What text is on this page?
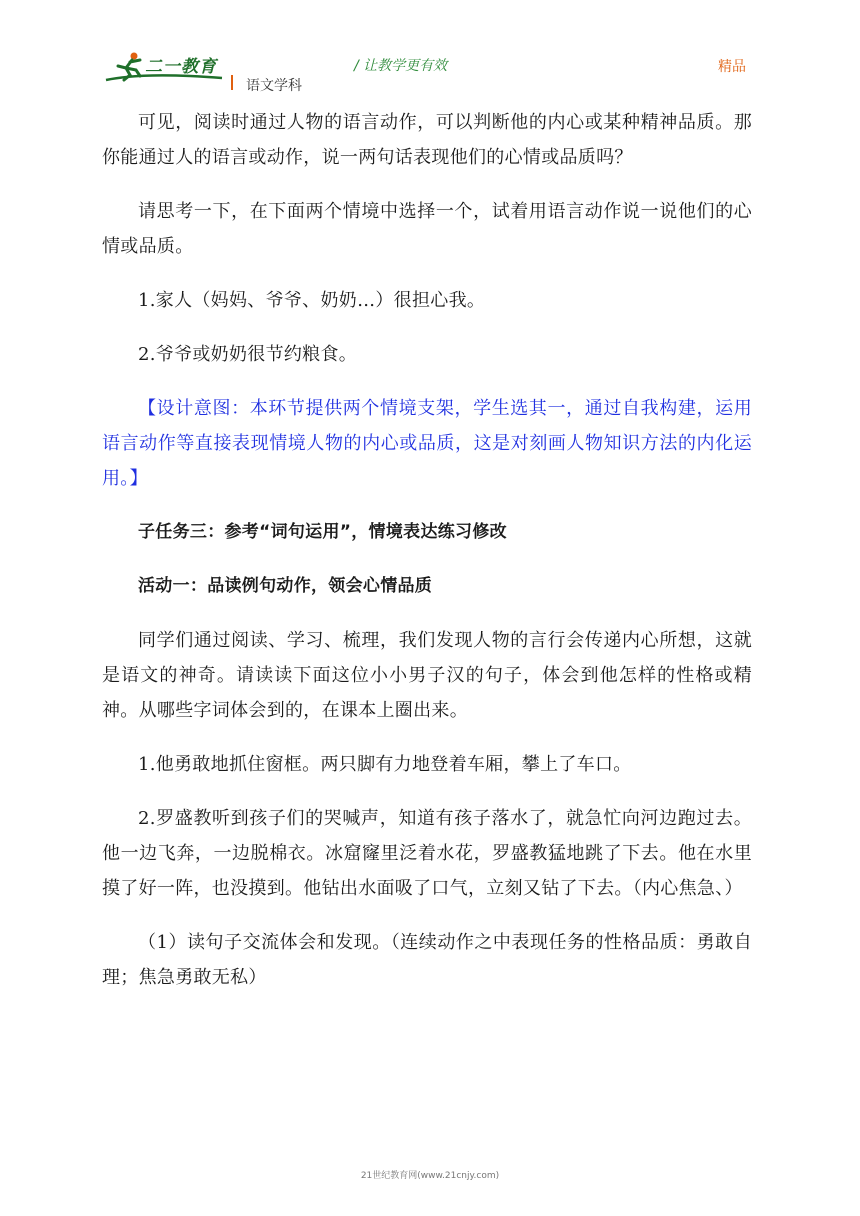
二一教育
语文学科
/ 让教学更有效	精品

可见，阅读时通过人物的语言动作，可以判断他的内心或某种精神品质。那你能通过人的语言或动作，说一两句话表现他们的心情或品质吗？

请思考一下，在下面两个情境中选择一个，试着用语言动作说一说他们的心情或品质。

1.家人（妈妈、爷爷、奶奶…）很担心我。

2.爷爷或奶奶很节约粮食。

【设计意图：本环节提供两个情境支架，学生选其一，通过自我构建，运用语言动作等直接表现情境人物的内心或品质，这是对刻画人物知识方法的内化运用。】

子任务三：参考“词句运用”，情境表达练习修改

活动一：品读例句动作，领会心情品质

同学们通过阅读、学习、梳理，我们发现人物的言行会传递内心所想，这就是语文的神奇。请读读下面这位小小男子汉的句子，体会到他怎样的性格或精神。从哪些字词体会到的，在课本上圈出来。

1.他勇敢地抓住窗框。两只脚有力地登着车厢，攀上了车口。

2.罗盛教听到孩子们的哭喊声，知道有孩子落水了，就急忙向河边跑过去。他一边飞奔，一边脱棉衣。冰窟窿里泛着水花，罗盛教猛地跳了下去。他在水里摸了好一阵，也没摸到。他钻出水面吸了口气，立刻又钻了下去。（内心焦急、）

（1）读句子交流体会和发现。（连续动作之中表现任务的性格品质：勇敢自理；焦急勇敢无私）

21世纪教育网(www.21cnjy.com)
